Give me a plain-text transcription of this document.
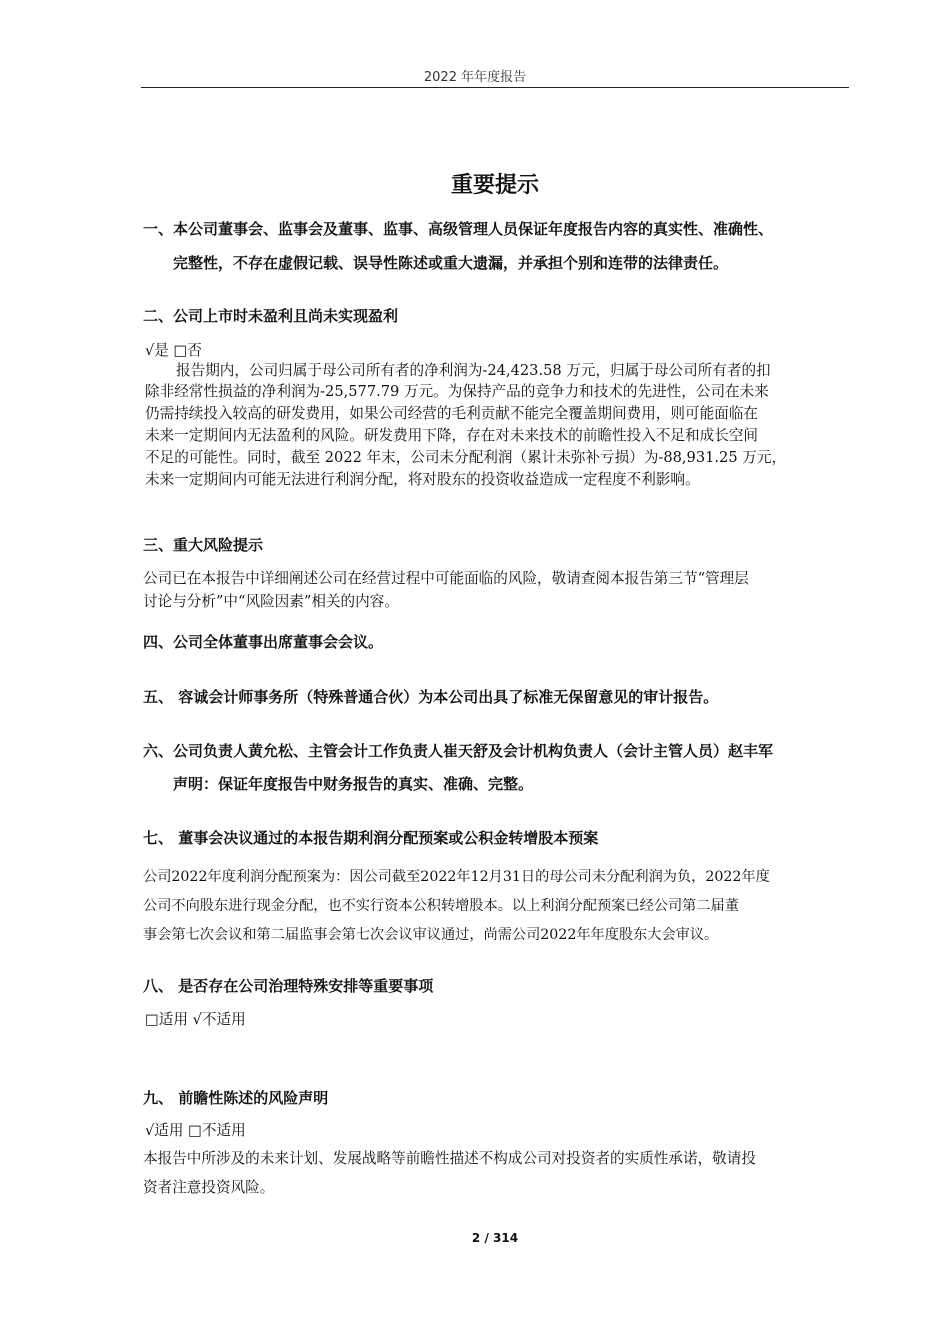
2022 年年度报告
重要提示
一、本公司董事会、监事会及董事、监事、高级管理人员保证年度报告内容的真实性、准确性、
完整性，不存在虚假记载、误导性陈述或重大遗漏，并承担个别和连带的法律责任。
二、公司上市时未盈利且尚未实现盈利
√是 □否
报告期内，公司归属于母公司所有者的净利润为-24,423.58 万元，归属于母公司所有者的扣
除非经常性损益的净利润为-25,577.79 万元。为保持产品的竞争力和技术的先进性，公司在未来
仍需持续投入较高的研发费用，如果公司经营的毛利贡献不能完全覆盖期间费用，则可能面临在
未来一定期间内无法盈利的风险。研发费用下降，存在对未来技术的前瞻性投入不足和成长空间
不足的可能性。同时，截至 2022 年末，公司未分配利润（累计未弥补亏损）为-88,931.25 万元，
未来一定期间内可能无法进行利润分配，将对股东的投资收益造成一定程度不利影响。
三、重大风险提示
公司已在本报告中详细阐述公司在经营过程中可能面临的风险，敬请查阅本报告第三节“管理层
讨论与分析”中“风险因素”相关的内容。
四、公司全体董事出席董事会会议。
五、 容诚会计师事务所（特殊普通合伙）为本公司出具了标准无保留意见的审计报告。
六、公司负责人黄允松、主管会计工作负责人崔天舒及会计机构负责人（会计主管人员）赵丰军
声明：保证年度报告中财务报告的真实、准确、完整。
七、 董事会决议通过的本报告期利润分配预案或公积金转增股本预案
公司2022年度利润分配预案为：因公司截至2022年12月31日的母公司未分配利润为负，2022年度
公司不向股东进行现金分配，也不实行资本公积转增股本。以上利润分配预案已经公司第二届董
事会第七次会议和第二届监事会第七次会议审议通过，尚需公司2022年年度股东大会审议。
八、 是否存在公司治理特殊安排等重要事项
□适用 √不适用
九、 前瞻性陈述的风险声明
√适用 □不适用
本报告中所涉及的未来计划、发展战略等前瞻性描述不构成公司对投资者的实质性承诺，敬请投
资者注意投资风险。
2 / 314
